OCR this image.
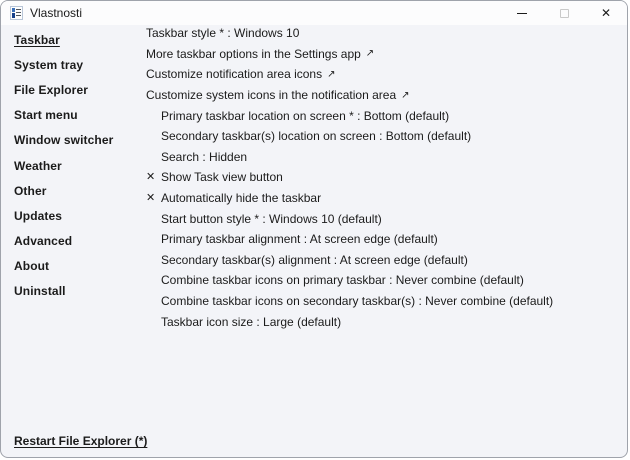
Vlastnosti	✕
Taskbar
System tray
File Explorer
Start menu
Window switcher
Weather
Other
Updates
Advanced
About
Uninstall
Taskbar style * : Windows 10
More taskbar options in the Settings app ↗
Customize notification area icons ↗
Customize system icons in the notification area ↗
Primary taskbar location on screen * : Bottom (default)
Secondary taskbar(s) location on screen : Bottom (default)
Search : Hidden
✕ Show Task view button
✕ Automatically hide the taskbar
Start button style * : Windows 10 (default)
Primary taskbar alignment : At screen edge (default)
Secondary taskbar(s) alignment : At screen edge (default)
Combine taskbar icons on primary taskbar : Never combine (default)
Combine taskbar icons on secondary taskbar(s) : Never combine (default)
Taskbar icon size : Large (default)
Restart File Explorer (*)
